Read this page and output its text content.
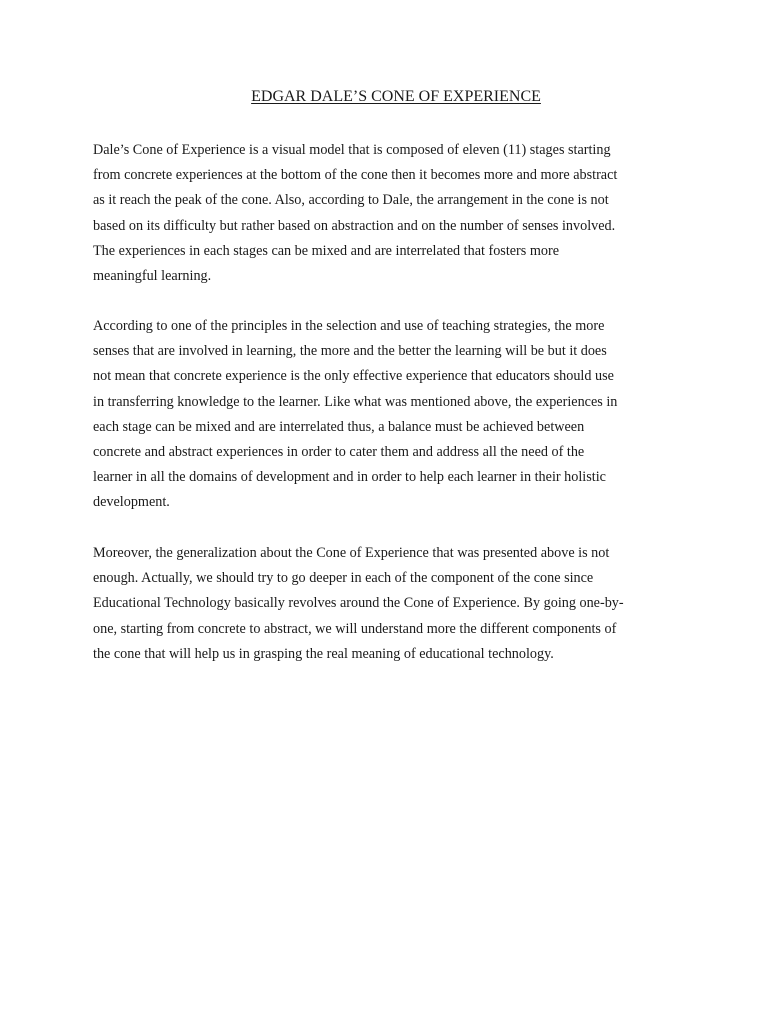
EDGAR DALE’S CONE OF EXPERIENCE

Dale’s Cone of Experience is a visual model that is composed of eleven (11) stages starting
from concrete experiences at the bottom of the cone then it becomes more and more abstract
as it reach the peak of the cone. Also, according to Dale, the arrangement in the cone is not
based on its difficulty but rather based on abstraction and on the number of senses involved.
The experiences in each stages can be mixed and are interrelated that fosters more
meaningful learning.

According to one of the principles in the selection and use of teaching strategies, the more
senses that are involved in learning, the more and the better the learning will be but it does
not mean that concrete experience is the only effective experience that educators should use
in transferring knowledge to the learner. Like what was mentioned above, the experiences in
each stage can be mixed and are interrelated thus, a balance must be achieved between
concrete and abstract experiences in order to cater them and address all the need of the
learner in all the domains of development and in order to help each learner in their holistic
development.

Moreover, the generalization about the Cone of Experience that was presented above is not
enough. Actually, we should try to go deeper in each of the component of the cone since
Educational Technology basically revolves around the Cone of Experience. By going one-by-
one, starting from concrete to abstract, we will understand more the different components of
the cone that will help us in grasping the real meaning of educational technology.
